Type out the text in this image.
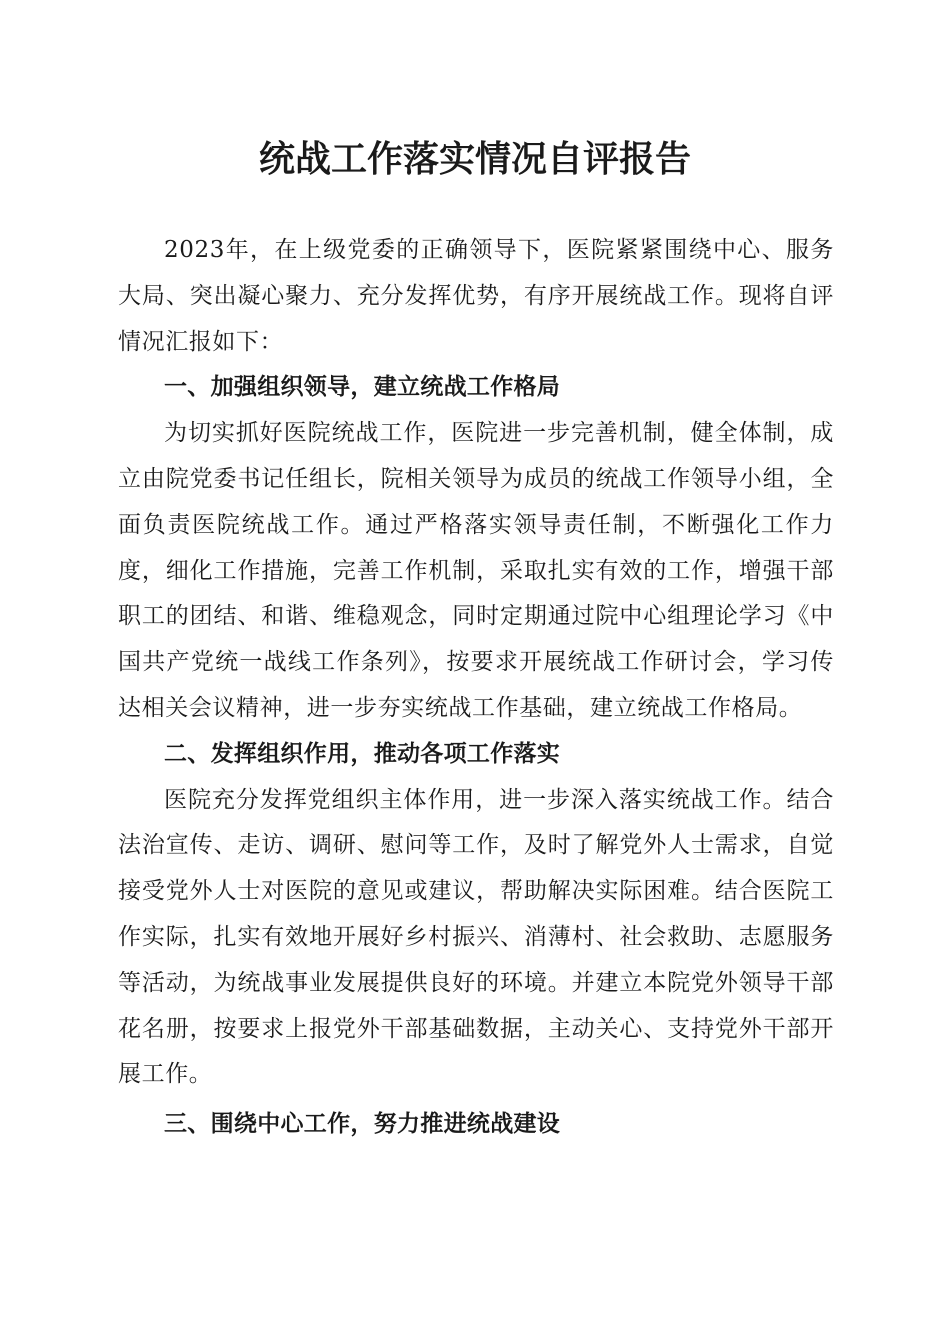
统战工作落实情况自评报告

2023年，在上级党委的正确领导下，医院紧紧围绕中心、服务大局、突出凝心聚力、充分发挥优势，有序开展统战工作。现将自评情况汇报如下：

一、加强组织领导，建立统战工作格局

为切实抓好医院统战工作，医院进一步完善机制，健全体制，成立由院党委书记任组长，院相关领导为成员的统战工作领导小组，全面负责医院统战工作。通过严格落实领导责任制，不断强化工作力度，细化工作措施，完善工作机制，采取扎实有效的工作，增强干部职工的团结、和谐、维稳观念，同时定期通过院中心组理论学习《中国共产党统一战线工作条列》，按要求开展统战工作研讨会，学习传达相关会议精神，进一步夯实统战工作基础，建立统战工作格局。

二、发挥组织作用，推动各项工作落实

医院充分发挥党组织主体作用，进一步深入落实统战工作。结合法治宣传、走访、调研、慰问等工作，及时了解党外人士需求，自觉接受党外人士对医院的意见或建议，帮助解决实际困难。结合医院工作实际，扎实有效地开展好乡村振兴、消薄村、社会救助、志愿服务等活动，为统战事业发展提供良好的环境。并建立本院党外领导干部花名册，按要求上报党外干部基础数据，主动关心、支持党外干部开展工作。

三、围绕中心工作，努力推进统战建设
